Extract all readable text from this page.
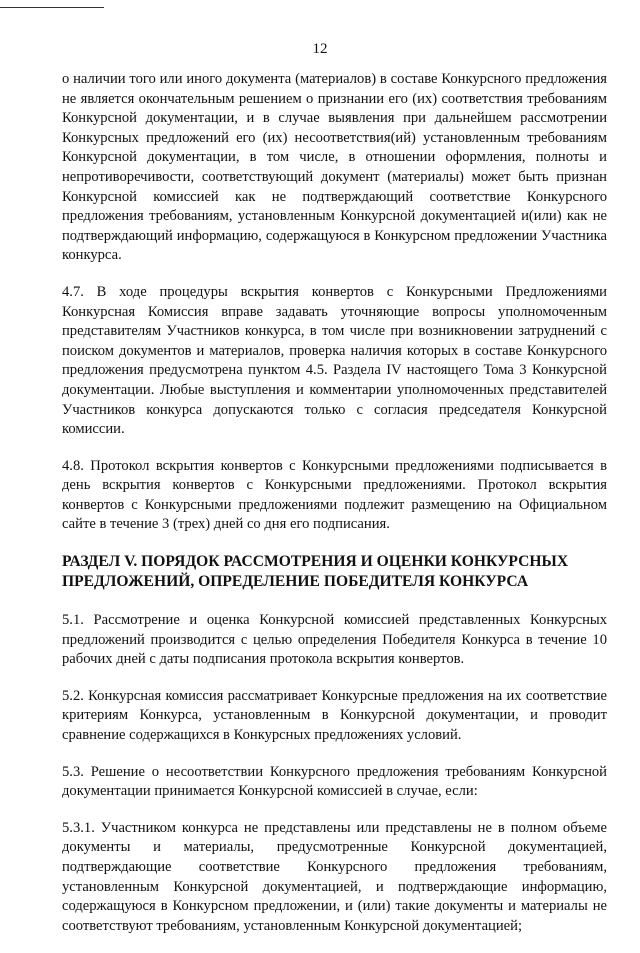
12

о наличии того или иного документа (материалов) в составе Конкурсного предложения не является окончательным решением о признании его (их) соответствия требованиям Конкурсной документации, и в случае выявления при дальнейшем рассмотрении Конкурсных предложений его (их) несоответствия(ий) установленным требованиям Конкурсной документации, в том числе, в отношении оформления, полноты и непротиворечивости, соответствующий документ (материалы) может быть признан Конкурсной комиссией как не подтверждающий соответствие Конкурсного предложения требованиям, установленным Конкурсной документацией и(или) как не подтверждающий информацию, содержащуюся в Конкурсном предложении Участника конкурса.

4.7. В ходе процедуры вскрытия конвертов с Конкурсными Предложениями Конкурсная Комиссия вправе задавать уточняющие вопросы уполномоченным представителям Участников конкурса, в том числе при возникновении затруднений с поиском документов и материалов, проверка наличия которых в составе Конкурсного предложения предусмотрена пунктом 4.5. Раздела IV настоящего Тома 3 Конкурсной документации. Любые выступления и комментарии уполномоченных представителей Участников конкурса допускаются только с согласия председателя Конкурсной комиссии.

4.8. Протокол вскрытия конвертов с Конкурсными предложениями подписывается в день вскрытия конвертов с Конкурсными предложениями. Протокол вскрытия конвертов с Конкурсными предложениями подлежит размещению на Официальном сайте в течение 3 (трех) дней со дня его подписания.

РАЗДЕЛ V. ПОРЯДОК РАССМОТРЕНИЯ И ОЦЕНКИ КОНКУРСНЫХ ПРЕДЛОЖЕНИЙ, ОПРЕДЕЛЕНИЕ ПОБЕДИТЕЛЯ КОНКУРСА

5.1. Рассмотрение и оценка Конкурсной комиссией представленных Конкурсных предложений производится с целью определения Победителя Конкурса в течение 10 рабочих дней с даты подписания протокола вскрытия конвертов.

5.2. Конкурсная комиссия рассматривает Конкурсные предложения на их соответствие критериям Конкурса, установленным в Конкурсной документации, и проводит сравнение содержащихся в Конкурсных предложениях условий.

5.3. Решение о несоответствии Конкурсного предложения требованиям Конкурсной документации принимается Конкурсной комиссией в случае, если:

5.3.1. Участником конкурса не представлены или представлены не в полном объеме документы и материалы, предусмотренные Конкурсной документацией, подтверждающие соответствие Конкурсного предложения требованиям, установленным Конкурсной документацией, и подтверждающие информацию, содержащуюся в Конкурсном предложении, и (или) такие документы и материалы не соответствуют требованиям, установленным Конкурсной документацией;
